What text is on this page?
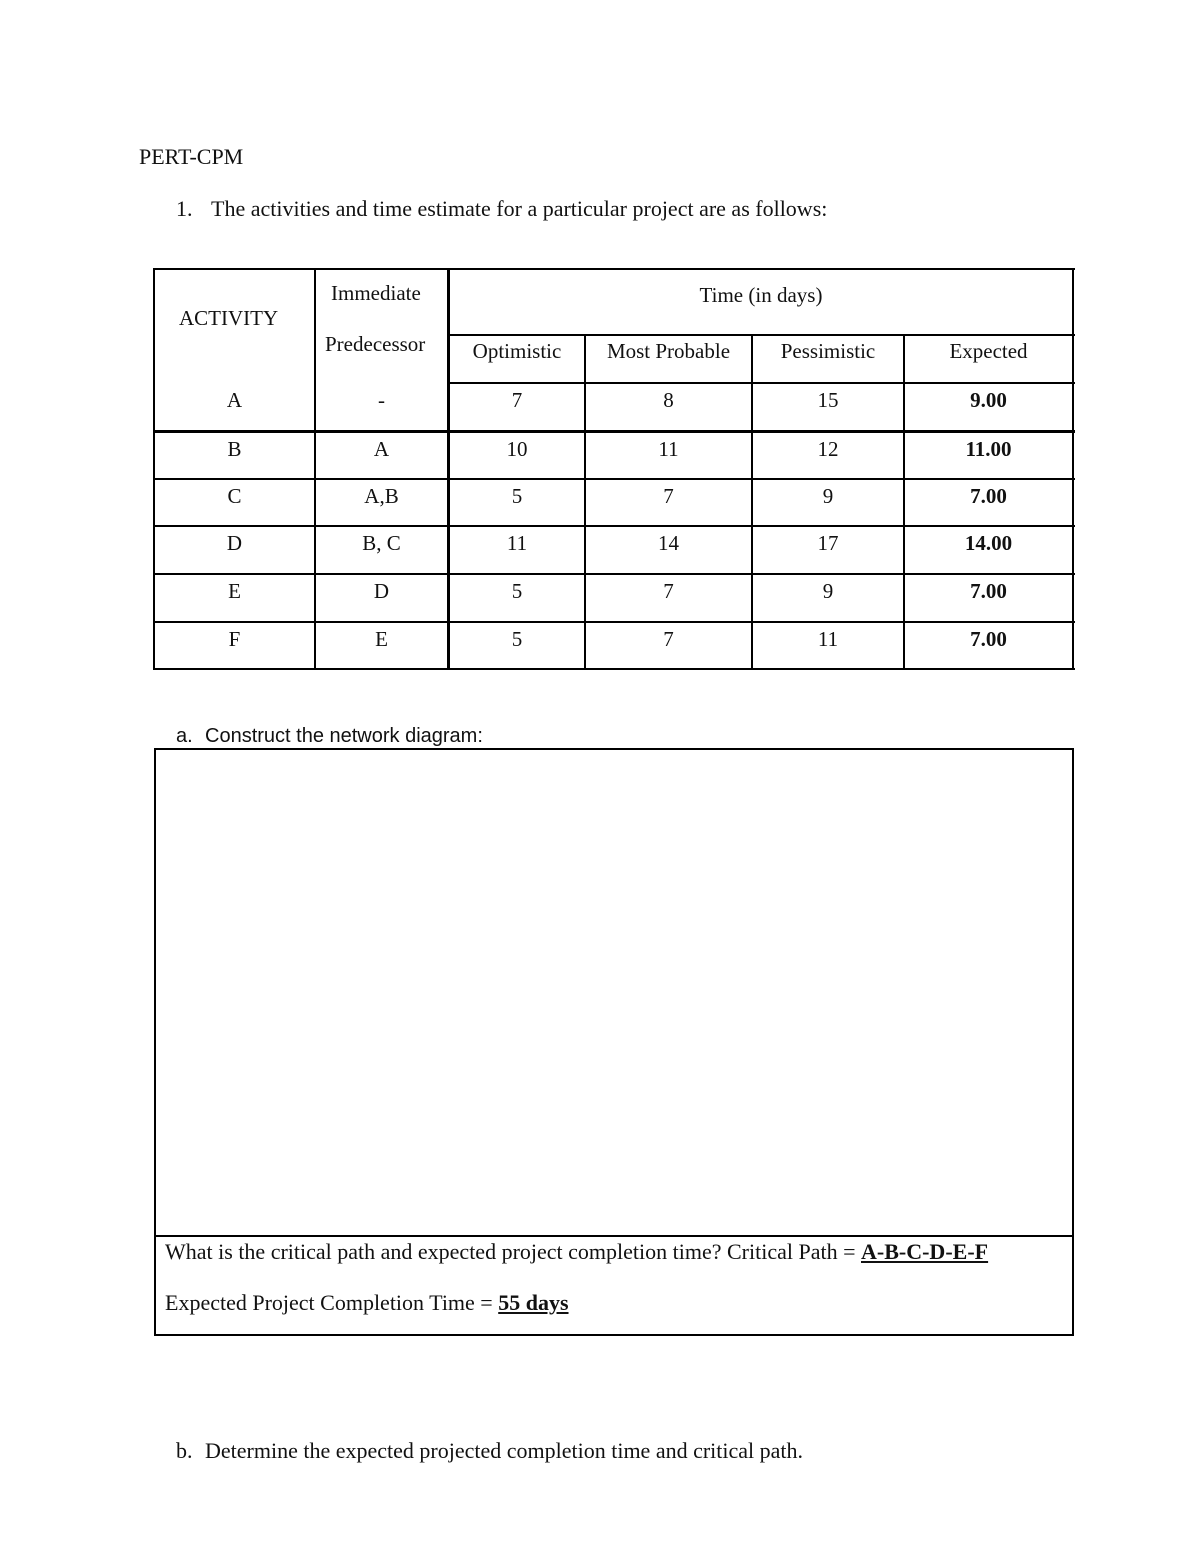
PERT-CPM
1. The activities and time estimate for a particular project are as follows:
ACTIVITY
Immediate
Predecessor
Time (in days)
Optimistic	Most Probable	Pessimistic	Expected
A	-	7	8	15	9.00
B	A	10	11	12	11.00
C	A,B	5	7	9	7.00
D	B, C	11	14	17	14.00
E	D	5	7	9	7.00
F	E	5	7	11	7.00
a. Construct the network diagram:
What is the critical path and expected project completion time? Critical Path = A-B-C-D-E-F
Expected Project Completion Time = 55 days
b. Determine the expected projected completion time and critical path.
